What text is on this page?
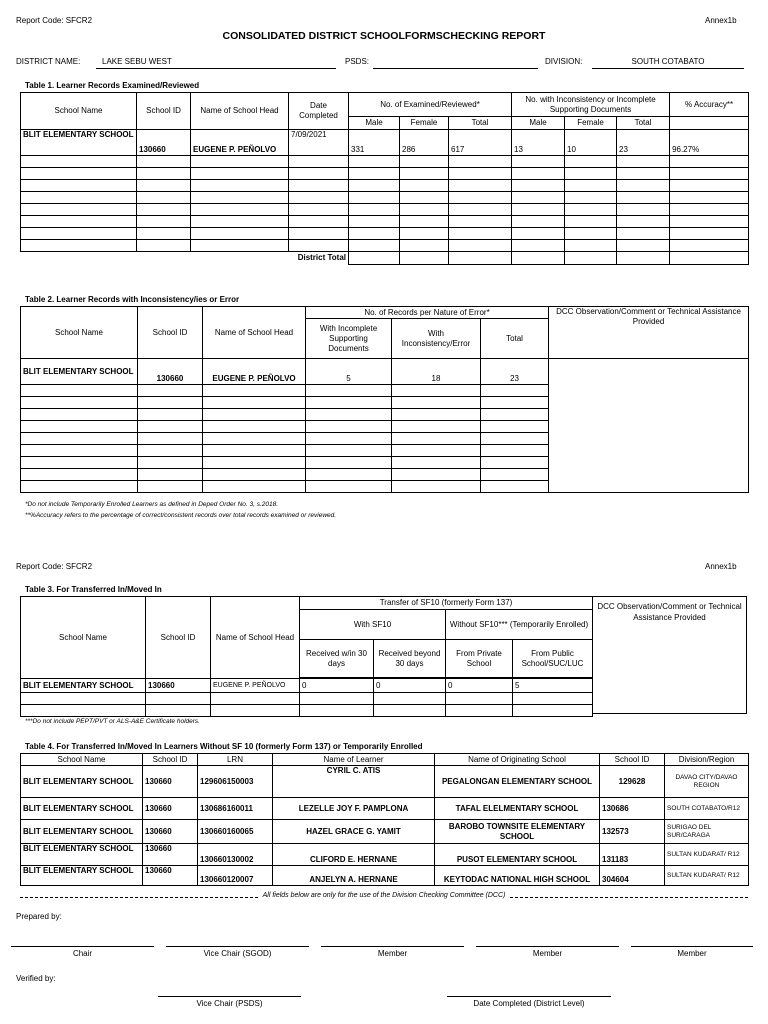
Report Code: SFCR2	Annex1b
CONSOLIDATED DISTRICT SCHOOLFORMSCHECKING REPORT
DISTRICT NAME:	LAKE SEBU WEST	PSDS:	DIVISION:	SOUTH COTABATO
Table 1. Learner Records Examined/Reviewed
School Name	School ID	Name of School Head	Date Completed	No. of Examined/Reviewed*			No. with Inconsistency or Incomplete Supporting Documents			% Accuracy**
				Male	Female	Total	Male	Female	Total	
BLIT ELEMENTARY SCHOOL	130660	EUGENE P. PEÑOLVO	7/09/2021	331	286	617	13	10	23	96.27%

District Total										
Table 2. Learner Records with Inconsistency/ies or Error
School Name	School ID	Name of School Head	No. of Records per Nature of Error*			DCC Observation/Comment or Technical Assistance Provided
			With Incomplete Supporting Documents	With Inconsistency/Error	Total	
BLIT ELEMENTARY SCHOOL	130660	EUGENE P. PEÑOLVO	5	18	23	

*Do not include Temporarily Enrolled Learners as defined in Deped Order No. 3, s.2018.
**%Accuracy refers to the percentage of correct/consistent records over total records examined or reviewed.
Report Code: SFCR2	Annex1b
Table 3. For Transferred In/Moved In
School Name	School ID	Name of School Head	Transfer of SF10 (formerly Form 137)			
			With SF10		Without SF10*** (Temporarily Enrolled)	
			Received w/in 30 days	Received beyond 30 days	From Private School	From Public School/SUC/LUC

BLIT ELEMENTARY SCHOOL	130660	EUGENE P. PEÑOLVO	0	0	0	5

DCC Observation/Comment or Technical Assistance Provided
***Do not include PEPT/PVT or ALS-A&E Certificate holders.
Table 4. For Transferred In/Moved In Learners Without SF 10 (formerly Form 137) or Temporarily Enrolled
School Name	School ID	LRN	Name of Learner	Name of Originating School	School ID	Division/Region
BLIT ELEMENTARY SCHOOL	130660	129606150003	CYRIL C. ATIS	PEGALONGAN ELEMENTARY SCHOOL	129628	DAVAO CITY/DAVAO REGION
BLIT ELEMENTARY SCHOOL	130660	130686160011	LEZELLE JOY F. PAMPLONA	TAFAL ELELMENTARY SCHOOL	130686	SOUTH COTABATO/R12
BLIT ELEMENTARY SCHOOL	130660	130660160065	HAZEL GRACE G. YAMIT	BAROBO TOWNSITE ELEMENTARY SCHOOL	132573	SURIGAO DEL SUR/CARAGA
BLIT ELEMENTARY SCHOOL	130660	130660130002	CLIFORD E. HERNANE	PUSOT ELEMENTARY SCHOOL	131183	SULTAN KUDARAT/ R12
BLIT ELEMENTARY SCHOOL	130660	130660120007	ANJELYN A. HERNANE	KEYTODAC NATIONAL HIGH SCHOOL	304604	SULTAN KUDARAT/ R12
All fields below are only for the use of the Division Checking Committee (DCC)
Prepared by:
Chair	Vice Chair (SGOD)	Member	Member	Member
Verified by:
Vice Chair (PSDS)	Date Completed (District Level)
